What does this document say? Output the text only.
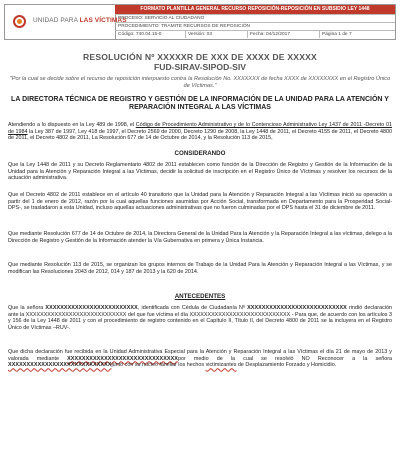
UNIDAD PARA LAS VÍCTIMAS
FORMATO PLANTILLA GENERAL RECURSO REPOSICIÓN-REPOSICIÓN EN SUBSIDIO LEY 1448
PROCESO: SERVICIO AL CIUDADANO
PROCEDIMIENTO: TRAMITE RECURSOS DE REPOSICIÓN
Código: 740.04.15-0	Versión: 03	Fecha: 04/12/2017	Página 1 de 7
RESOLUCIÓN Nº XXXXXR DE XXX DE XXXX DE XXXXX
FUD-SIRAV-SIPOD-SIV
"Por la cual se decide sobre el recurso de reposición interpuesto contra la Resolución No. XXXXXXX de fecha XXXX de XXXXXXXX en el Registro Único de Víctimas."
LA DIRECTORA TÉCNICA DE REGISTRO Y GESTIÓN DE LA INFORMACIÓN DE LA UNIDAD PARA LA ATENCIÓN Y REPARACIÓN INTEGRAL A LAS VÍCTIMAS
Atendiendo a lo dispuesto en la Ley 489 de 1998, el Código de Procedimiento Administrativo y de lo Contencioso Administrativo Ley 1437 de 2011 -Decreto 01 de 1984 la Ley 387 de 1997, Ley 418 de 1997, el Decreto 2569 de 2000, Decreto 1290 de 2008, la Ley 1448 de 2011, el Decreto 4155 de 2011, el Decreto 4800 de 2011, el Decreto 4802 de 2011, La Resolución 677 de 14 de Octubre de 2014, y la Resolución 113 de 2015,
CONSIDERANDO
Que la Ley 1448 de 2011 y su Decreto Reglamentario 4802 de 2011 establecen como función de la Dirección de Registro y Gestión de la Información de la Unidad para la Atención y Reparación Integral a las Víctimas, decidir la solicitud de inscripción en el Registro Único de Víctimas y resolver los recursos de la actuación administrativa.
Que el Decreto 4802 de 2011 establece en el artículo 40 transitorio que la Unidad para la Atención y Reparación Integral a las Víctimas inició su operación a partir del 1 de enero de 2012, razón por la cual aquellas funciones asumidas por Acción Social, transformada en Departamento para la Prosperidad Social- DPS-, se trasladaron a esta Unidad, incluso aquellas actuaciones administrativas que no fueron culminadas por el DPS hasta el 31 de diciembre de 2011.
Que mediante Resolución 677 de 14 de Octubre de 2014, la Directora General de la Unidad Para la Atención y la Reparación Integral a las víctimas, delego a la Dirección de Registro y Gestión de la Información atender la Vía Gubernativa en primera y Única Instancia.
Que mediante Resolución 113 de 2015, se organizan los grupos internos de Trabajo de la Unidad Para la Atención y Reparación Integral a las Víctimas, y se modifican las Resoluciones 2043 de 2012, 014 y 187 de 2013 y la 620 de 2014.
ANTECEDENTES
Que la señora XXXXXXXXXXXXXXXXXXXXXXXXX, identificada con Cédula de Ciudadanía Nº XXXXXXXXXXXXXXXXXXXXXXXXXXX rindió declaración ante la XXXXXXXXXXXXXXXXXXXXXXXXXXXX del que fue víctima el día XXXXXXXXXXXXXXXXXXXXXXXXXXXX - Para que, de acuerdo con los artículos 3 y 156 de la Ley 1448 de 2011 y con el procedimiento de registro contenido en el Capítulo II, Título II, del Decreto 4800 de 2011 se la incluyera en el Registro Único de Víctimas –RUV-.
Que dicha declaración fue recibida en la Unidad Administrativa Especial para la Atención y Reparación Integral a las Víctimas el día 21 de mayo de 2013 y valorada mediante XXXXXXXXXXXXXXXXXXXXXXXXXXXXXXpor medio de la cual se resolvió NO Reconocer a la señora XXXXXXXXXXXXXXXXXXXXXXXXXXXXjunto con su núcleo familiar los hechos victimizantes de Desplazamiento Forzado y Homicidio.
